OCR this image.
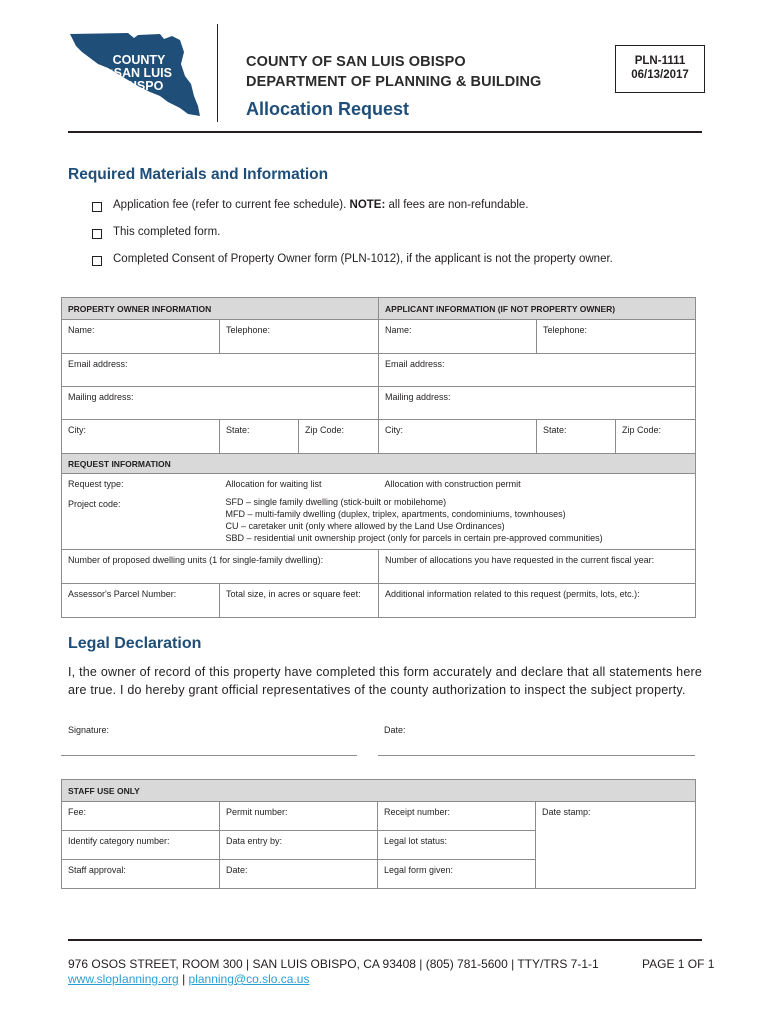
COUNTY
ofSAN LUIS
OBISPO
COUNTY OF SAN LUIS OBISPO
DEPARTMENT OF PLANNING & BUILDING
Allocation Request
PLN-1111
06/13/2017
Required Materials and Information
Application fee (refer to current fee schedule). NOTE: all fees are non-refundable.
This completed form.
Completed Consent of Property Owner form (PLN-1012), if the applicant is not the property owner.
PROPERTY OWNER INFORMATION			APPLICANT INFORMATION (IF NOT PROPERTY OWNER)		
Name:	Telephone:		Name:	Telephone:	
Email address:			Email address:		
Mailing address:			Mailing address:		
City:	State:	Zip Code:	City:	State:	Zip Code:
REQUEST INFORMATION					
Request type:	Allocation for waiting list		Allocation with construction permit		
Project code:	SFD – single family dwelling (stick-built or mobilehome)
MFD – multi-family dwelling (duplex, triplex, apartments, condominiums, townhouses)
CU – caretaker unit (only where allowed by the Land Use Ordinances)
SBD – residential unit ownership project (only for parcels in certain pre-approved communities)				

Number of proposed dwelling units (1 for single-family dwelling):			Number of allocations you have requested in the current fiscal year:		
Assessor's Parcel Number:	Total size, in acres or square feet:		Additional information related to this request (permits, lots, etc.):		
Legal Declaration
I, the owner of record of this property have completed this form accurately and declare that all statements here are true. I do hereby grant official representatives of the county authorization to inspect the subject property.
Signature:	Date:
STAFF USE ONLY			
Fee:	Permit number:	Receipt number:	Date stamp:
Identify category number:	Data entry by:	Legal lot status:	
Staff approval:	Date:	Legal form given:	
976 OSOS STREET, ROOM 300 | SAN LUIS OBISPO, CA 93408 | (805) 781-5600 | TTY/TRS 7-1-1	PAGE 1 OF 1
www.slopIanning.org | planning@co.slo.ca.us
